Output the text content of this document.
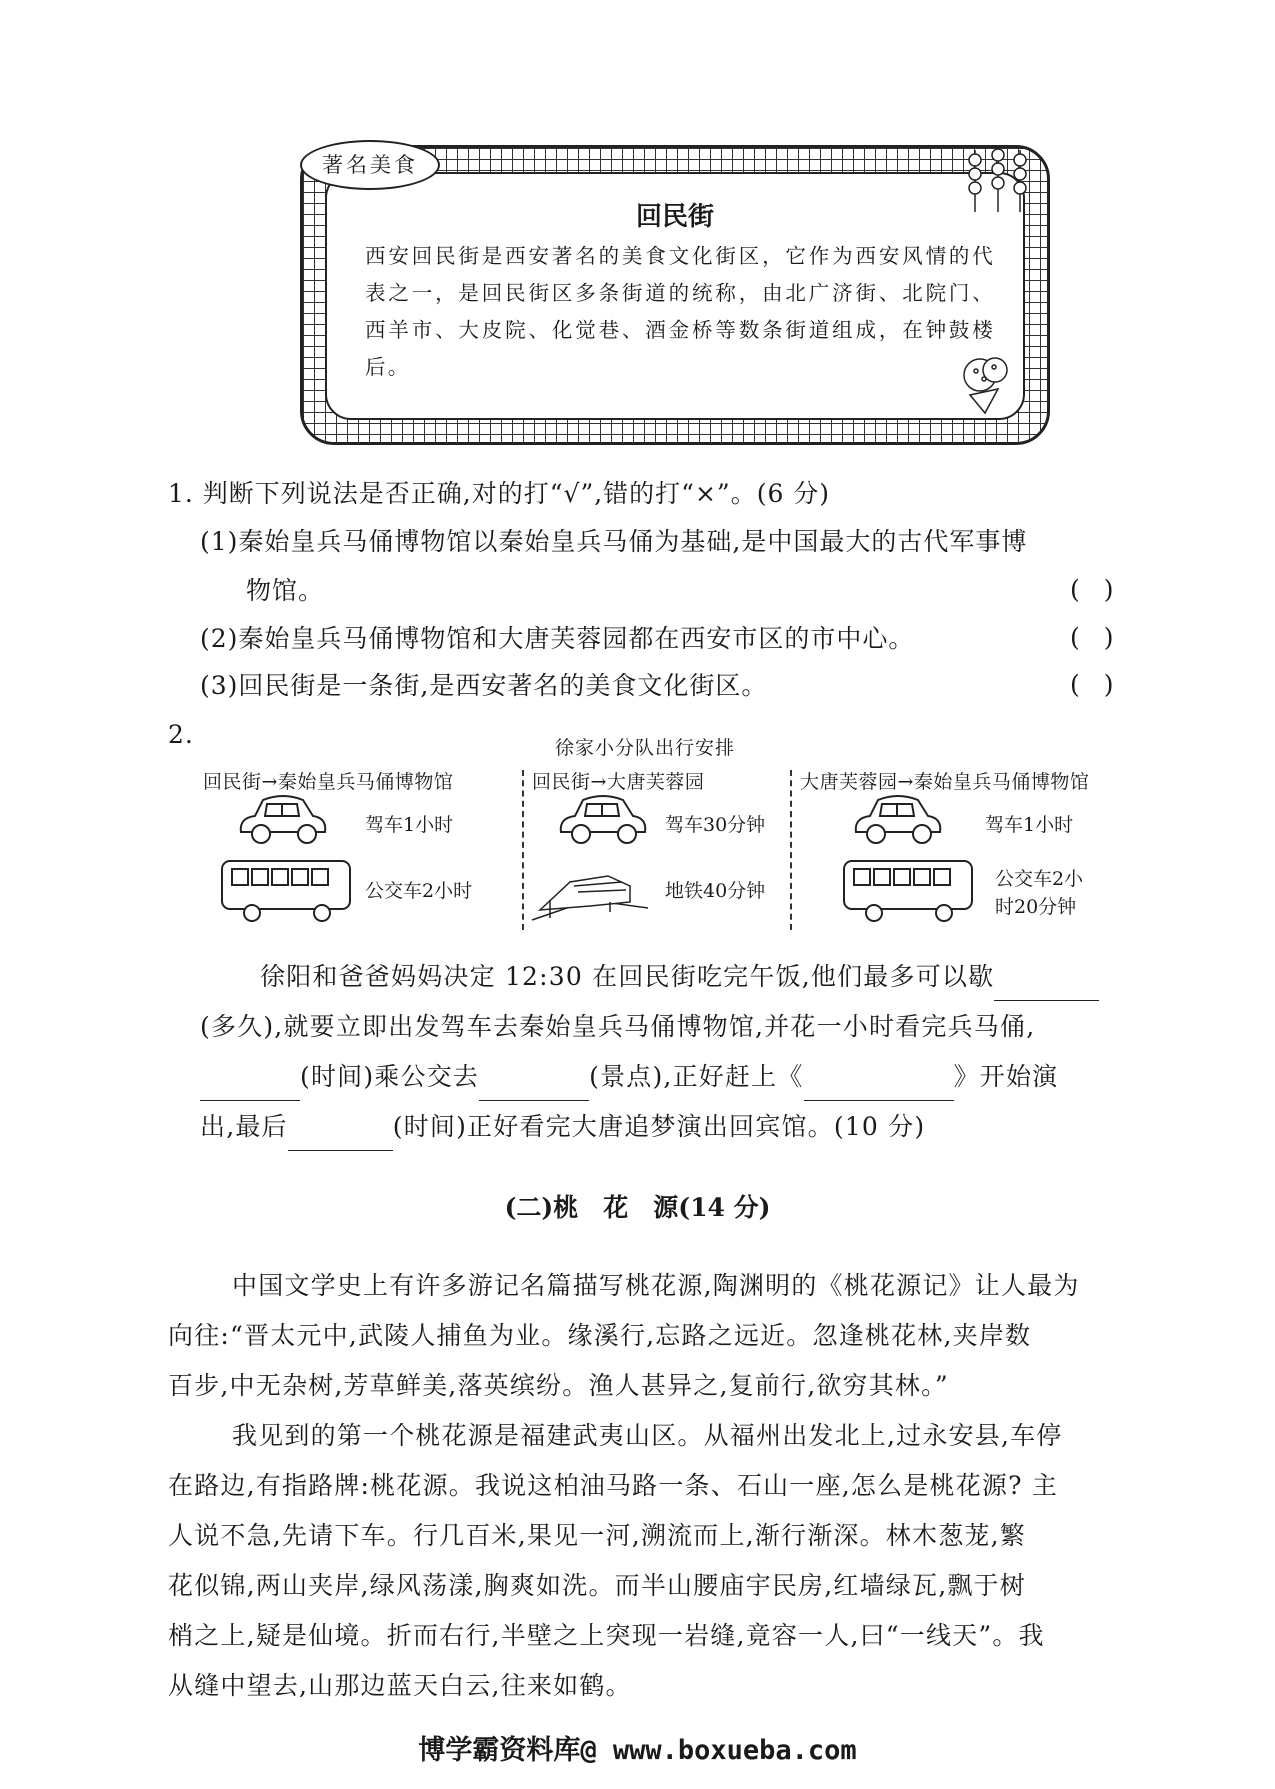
著名美食
回民街
西安回民街是西安著名的美食文化街区，它作为西安风情的代表之一，是回民街区多条街道的统称，由北广济街、北院门、西羊市、大皮院、化觉巷、酒金桥等数条街道组成，在钟鼓楼后。
1. 判断下列说法是否正确,对的打“√”,错的打“×”。(6 分)
(1)秦始皇兵马俑博物馆以秦始皇兵马俑为基础,是中国最大的古代军事博
物馆。	()
(2)秦始皇兵马俑博物馆和大唐芙蓉园都在西安市区的市中心。	()
(3)回民街是一条街,是西安著名的美食文化街区。	()
2.	徐家小分队出行安排
回民街→秦始皇兵马俑博物馆	回民街→大唐芙蓉园	大唐芙蓉园→秦始皇兵马俑博物馆
驾车1小时	驾车30分钟	驾车1小时
公交车2小时	地铁40分钟
公交车2小
时20分钟
徐阳和爸爸妈妈决定 12:30 在回民街吃完午饭,他们最多可以歇
(多久),就要立即出发驾车去秦始皇兵马俑博物馆,并花一小时看完兵马俑,
(时间)乘公交去	(景点),正好赶上《	》开始演
出,最后	(时间)正好看完大唐追梦演出回宾馆。(10 分)
(二)桃　花　源(14 分)
中国文学史上有许多游记名篇描写桃花源,陶渊明的《桃花源记》让人最为
向往:“晋太元中,武陵人捕鱼为业。缘溪行,忘路之远近。忽逢桃花林,夹岸数
百步,中无杂树,芳草鲜美,落英缤纷。渔人甚异之,复前行,欲穷其林。”
我见到的第一个桃花源是福建武夷山区。从福州出发北上,过永安县,车停
在路边,有指路牌:桃花源。我说这柏油马路一条、石山一座,怎么是桃花源? 主
人说不急,先请下车。行几百米,果见一河,溯流而上,渐行渐深。林木葱茏,繁
花似锦,两山夹岸,绿风荡漾,胸爽如洗。而半山腰庙宇民房,红墙绿瓦,飘于树
梢之上,疑是仙境。折而右行,半壁之上突现一岩缝,竟容一人,曰“一线天”。我
从缝中望去,山那边蓝天白云,往来如鹤。
博学霸资料库@ www.boxueba.com
